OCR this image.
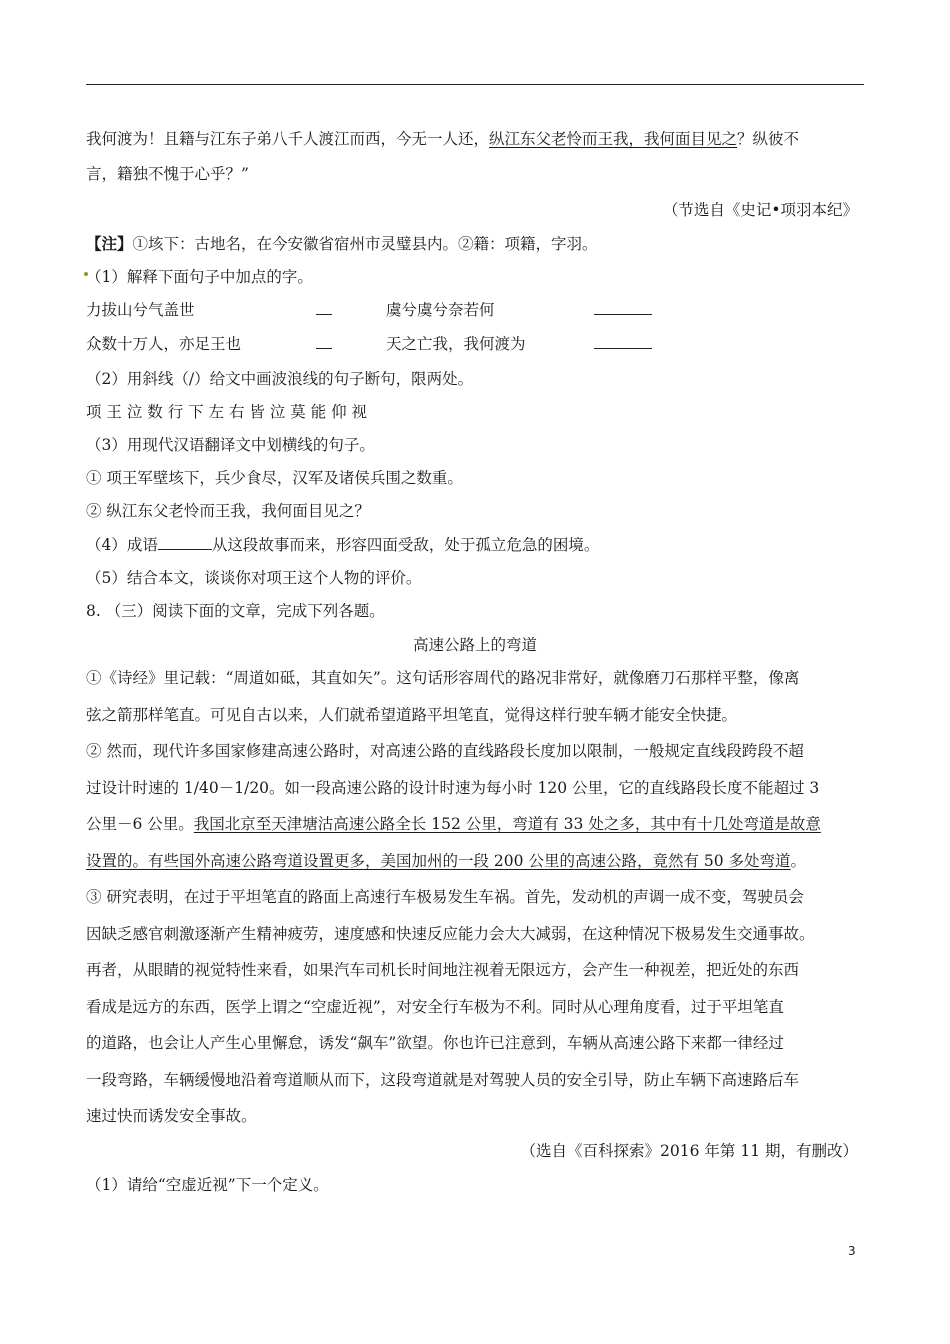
我何渡为！且籍与江东子弟八千人渡江而西，今无一人还，纵江东父老怜而王我，我何面目见之？纵彼不
言，籍独不愧于心乎？”
（节选自《史记•项羽本纪》
【注】①垓下：古地名，在今安徽省宿州市灵璧县内。②籍：项籍，字羽。
（1）解释下面句子中加点的字。
力拔山兮气盖世	虞兮虞兮奈若何
众数十万人，亦足王也	天之亡我，我何渡为
（2）用斜线（/）给文中画波浪线的句子断句，限两处。
项 王 泣 数 行 下 左 右 皆 泣 莫 能 仰 视
（3）用现代汉语翻译文中划横线的句子。
① 项王军壁垓下，兵少食尽，汉军及诸侯兵围之数重。
② 纵江东父老怜而王我，我何面目见之？
（4）成语	从这段故事而来，形容四面受敌，处于孤立危急的困境。
（5）结合本文，谈谈你对项王这个人物的评价。
8. （三）阅读下面的文章，完成下列各题。
高速公路上的弯道
①《诗经》里记载：“周道如砥，其直如矢”。这句话形容周代的路况非常好，就像磨刀石那样平整，像离
弦之箭那样笔直。可见自古以来，人们就希望道路平坦笔直，觉得这样行驶车辆才能安全快捷。
② 然而，现代许多国家修建高速公路时，对高速公路的直线路段长度加以限制，一般规定直线段跨段不超
过设计时速的 1/40－1/20。如一段高速公路的设计时速为每小时 120 公里，它的直线路段长度不能超过 3
公里－6 公里。我国北京至天津塘沽高速公路全长 152 公里，弯道有 33 处之多，其中有十几处弯道是故意
设置的。有些国外高速公路弯道设置更多，美国加州的一段 200 公里的高速公路，竟然有 50 多处弯道。
③ 研究表明，在过于平坦笔直的路面上高速行车极易发生车祸。首先，发动机的声调一成不变，驾驶员会
因缺乏感官刺激逐渐产生精神疲劳，速度感和快速反应能力会大大减弱，在这种情况下极易发生交通事故。
再者，从眼睛的视觉特性来看，如果汽车司机长时间地注视着无限远方，会产生一种视差，把近处的东西
看成是远方的东西，医学上谓之“空虚近视”，对安全行车极为不利。同时从心理角度看，过于平坦笔直
的道路，也会让人产生心里懈怠，诱发“飙车”欲望。你也许已注意到，车辆从高速公路下来都一律经过
一段弯路，车辆缓慢地沿着弯道顺从而下，这段弯道就是对驾驶人员的安全引导，防止车辆下高速路后车
速过快而诱发安全事故。
（选自《百科探索》2016 年第 11 期，有删改）
（1）请给“空虚近视”下一个定义。
3
